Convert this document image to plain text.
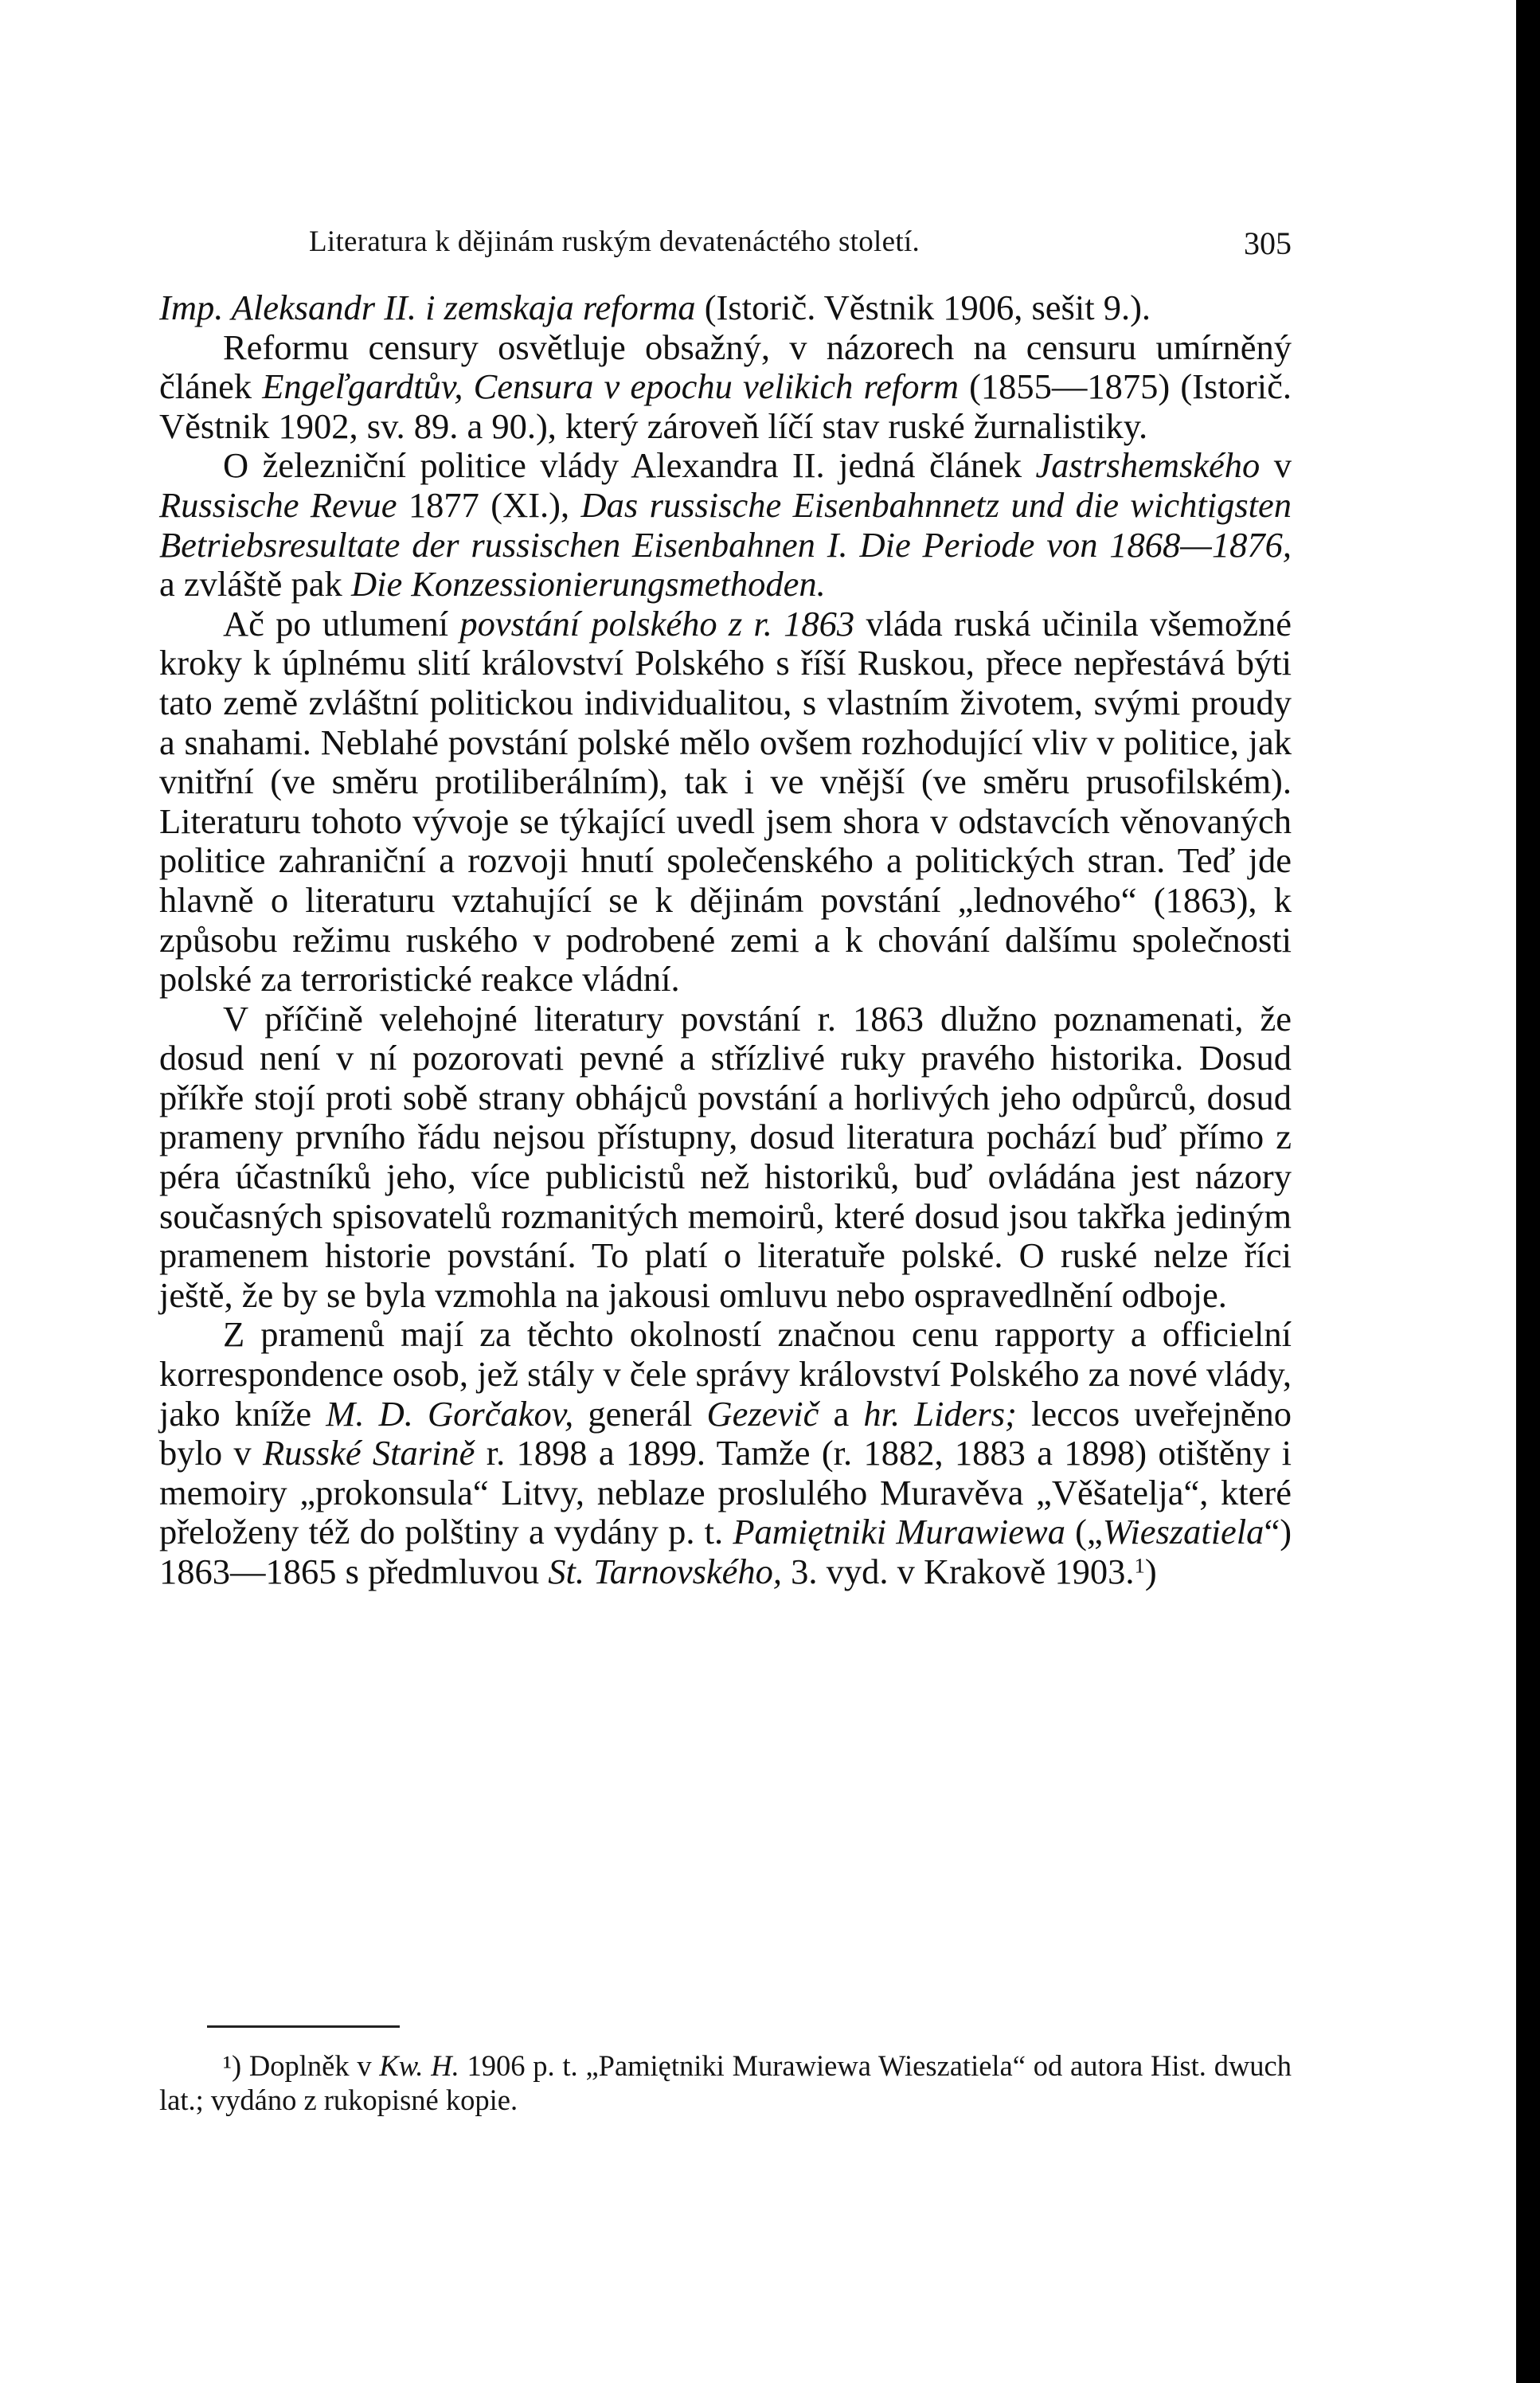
Literatura k dějinám ruským devatenáctého století.	305

Imp. Aleksandr II. i zemskaja reforma (Istorič. Věstnik 1906, sešit 9.).

Reformu censury osvětluje obsažný, v názorech na censuru umírněný článek Engeľgardtův, Censura v epochu velikich reform (1855—1875) (Istorič. Věstnik 1902, sv. 89. a 90.), který zároveň líčí stav ruské žurnalistiky.

O železniční politice vlády Alexandra II. jedná článek Jastrshemského v Russische Revue 1877 (XI.), Das russische Eisenbahnnetz und die wichtigsten Betriebsresultate der russischen Eisenbahnen I. Die Periode von 1868—1876, a zvláště pak Die Konzessionierungsmethoden.

Ač po utlumení povstání polského z r. 1863 vláda ruská učinila všemožné kroky k úplnému slití království Polského s říší Ruskou, přece nepřestává býti tato země zvláštní politickou individualitou, s vlastním životem, svými proudy a snahami. Neblahé povstání polské mělo ovšem rozhodující vliv v politice, jak vnitřní (ve směru protiliberálním), tak i ve vnější (ve směru prusofilském). Literaturu tohoto vývoje se týkající uvedl jsem shora v odstavcích věnovaných politice zahraniční a rozvoji hnutí společenského a politických stran. Teď jde hlavně o literaturu vztahující se k dějinám povstání „lednového“ (1863), k způsobu režimu ruského v podrobené zemi a k chování dalšímu společnosti polské za terroristické reakce vládní.

V příčině velehojné literatury povstání r. 1863 dlužno poznamenati, že dosud není v ní pozorovati pevné a střízlivé ruky pravého historika. Dosud příkře stojí proti sobě strany obhájců povstání a horlivých jeho odpůrců, dosud prameny prvního řádu nejsou přístupny, dosud literatura pochází buď přímo z péra účastníků jeho, více publicistů než historiků, buď ovládána jest názory současných spisovatelů rozmanitých memoirů, které dosud jsou takřka jediným pramenem historie povstání. To platí o literatuře polské. O ruské nelze říci ještě, že by se byla vzmohla na jakousi omluvu nebo ospravedlnění odboje.

Z pramenů mají za těchto okolností značnou cenu rapporty a officielní korrespondence osob, jež stály v čele správy království Polského za nové vlády, jako kníže M. D. Gorčakov, generál Gezevič a hr. Liders; leccos uveřejněno bylo v Russké Starině r. 1898 a 1899. Tamže (r. 1882, 1883 a 1898) otištěny i memoiry „prokonsula“ Litvy, neblaze proslulého Muravěva „Věšatelja“, které přeloženy též do polštiny a vydány p. t. Pamiętniki Murawiewa („Wieszatiela“) 1863—1865 s předmluvou St. Tarnovského, 3. vyd. v Krakově 1903.$^1$)

¹) Doplněk v Kw. H. 1906 p. t. „Pamiętniki Murawiewa Wieszatiela“ od autora Hist. dwuch lat.; vydáno z rukopisné kopie.
